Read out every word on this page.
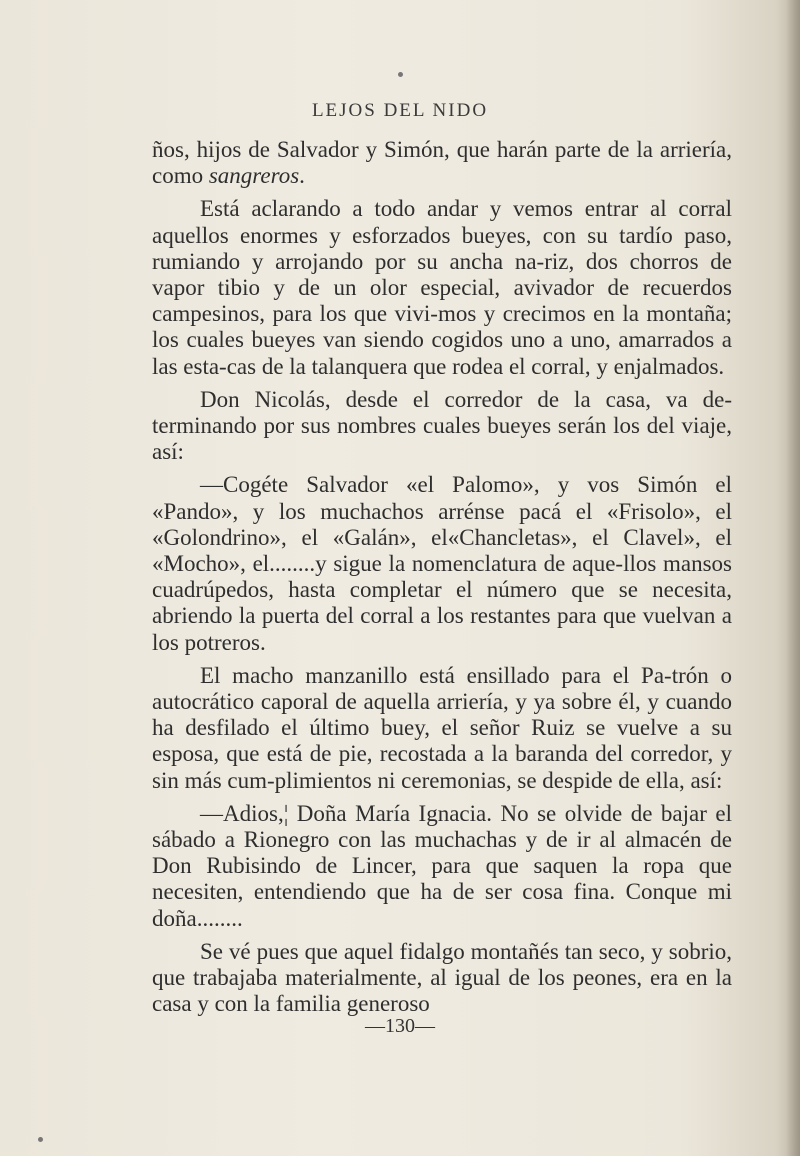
LEJOS DEL NIDO

ños, hijos de Salvador y Simón, que harán parte de la arriería, como sangreros.

Está aclarando a todo andar y vemos entrar al corral aquellos enormes y esforzados bueyes, con su tardío paso, rumiando y arrojando por su ancha na-riz, dos chorros de vapor tibio y de un olor especial, avivador de recuerdos campesinos, para los que vivi-mos y crecimos en la montaña; los cuales bueyes van siendo cogidos uno a uno, amarrados a las esta-cas de la talanquera que rodea el corral, y enjalmados.

Don Nicolás, desde el corredor de la casa, va de-terminando por sus nombres cuales bueyes serán los del viaje, así:

—Cogéte Salvador «el Palomo», y vos Simón el «Pando», y los muchachos arrénse pacá el «Frisolo», el «Golondrino», el «Galán», el«Chancletas», el Clavel», el «Mocho», el........y sigue la nomenclatura de aque-llos mansos cuadrúpedos, hasta completar el número que se necesita, abriendo la puerta del corral a los restantes para que vuelvan a los potreros.

El macho manzanillo está ensillado para el Pa-trón o autocrático caporal de aquella arriería, y ya sobre él, y cuando ha desfilado el último buey, el señor Ruiz se vuelve a su esposa, que está de pie, recostada a la baranda del corredor, y sin más cum-plimientos ni ceremonias, se despide de ella, así:

—Adios,¦ Doña María Ignacia. No se olvide de bajar el sábado a Rionegro con las muchachas y de ir al almacén de Don Rubisindo de Lincer, para que saquen la ropa que necesiten, entendiendo que ha de ser cosa fina. Conque mi doña........

Se vé pues que aquel fidalgo montañés tan seco, y sobrio, que trabajaba materialmente, al igual de los peones, era en la casa y con la familia generoso

—130—
